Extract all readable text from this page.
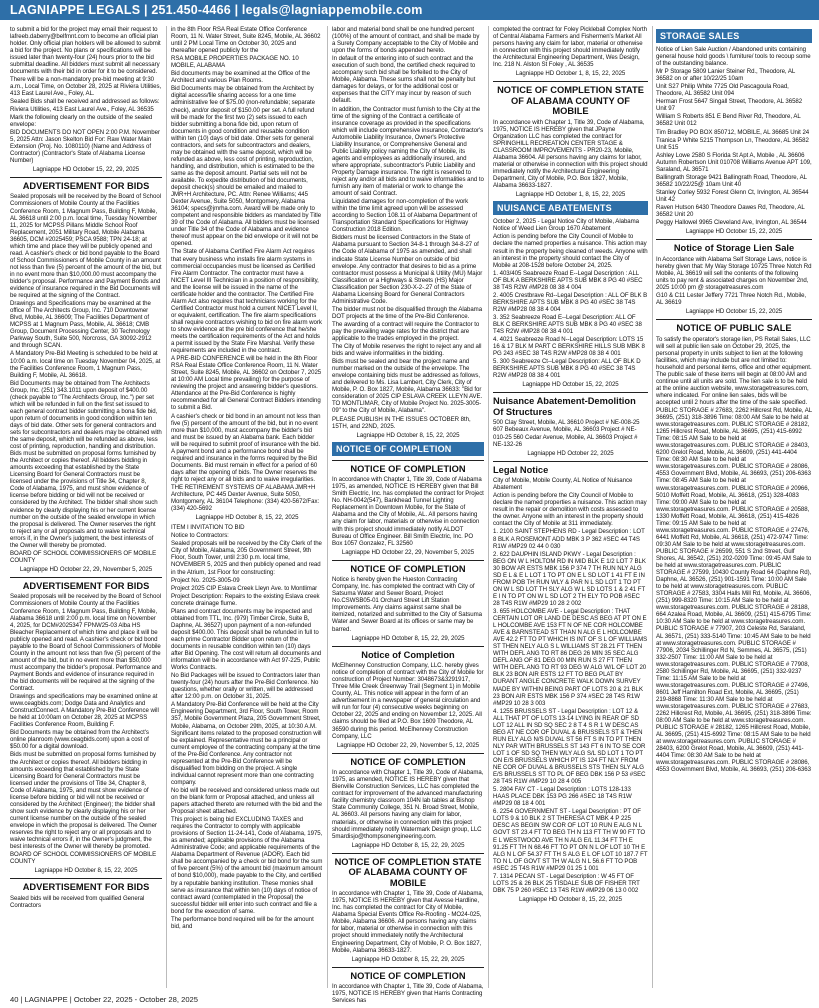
LAGNIAPPE LEGALS | 251.450-4466 | legals@lagniappemobile.com
to submit a bid for the project may email their request to lafreeb.daberry@belfmnt.com to become an official plan holder. Only official plan holders will be allowed to submit a bid for the project. No plans or specifications will be issued later than twenty-four (24) hours prior to the bid submittal deadline. All bidders must submit all necessary documents with their bid in order for it to be considered.
There will be a non-mandatory pre-bid meeting at 9:30 a.m., Local Time, on October 28, 2025 at Riviera Utilities, 413 East Laurel Ave., Foley, AL.
Sealed Bids shall be received and addressed as follows: Riviera Utilities, 413 East Laurel Ave., Foley, AL 36535
Mark the following clearly on the outside of the sealed envelope:
BID DOCUMENTS DO NOT OPEN 2:00 P.M. November 5, 2025 Attn: Jason Skelton Bid For: Raw Water Main Extension (Proj. No. 1080110) (Name and Address of Contractor) (Contractor's State of Alabama License Number)
Lagniappe HD October 15, 22, 29, 2025
ADVERTISEMENT FOR BIDS
Sealed proposals will be received by the Board of School Commissioners of Mobile County at the Facilities Conference Room, 1 Magnum Pass, Building F, Mobile, AL 36618 until 2:00 p.m. local time, Tuesday November 11, 2025 for MCPSS Pillans Middle School Roof Replacement, 2051 Military Road, Mobile Alabama 36605, DCM #2025459; PSCA 9588; TPN 24-18; at which time and place they will be publicly opened and read. A cashier's check or bid bond payable to the Board of School Commissioners of Mobile County in an amount not less than five (5) percent of the amount of the bid, but in no event more than $10,000.00 must accompany the bidder's proposal. Performance and Payment Bonds and evidence of insurance required in the Bid Documents will be required at the signing of the Contract.
Drawings and Specifications may be examined at the office of The Architects Group, Inc. 710 Downtowner Blvd, Mobile, AL 36609; The Facilities Department of MCPSS at 1 Magnum Pass, Mobile, AL 36618; CMB Group, Document Processing Center, 30 Technology Parkway South, Suite 500, Norcross, GA 30092-2912 and through SCAN.
A Mandatory Pre-Bid Meeting is scheduled to be held at 10:00 a.m. local time on Tuesday November 04, 2025, at the Facilities Conference Room, 1 Magnum Pass, Building F, Mobile, AL 36618.
Bid Documents may be obtained from The Architects Group, Inc. (251) 343.1011 upon deposit of $400.00 (check payable to "The Architects Group, Inc.") per set which will be refunded in full on the first set issued to each general contract bidder submitting a bona fide bid, upon return of documents in good condition within ten days of bid date. Other sets for general contractors and sets for subcontractors and dealers may be obtained with the same deposit, which will be refunded as above, less cost of printing, reproduction, handling and distribution. Bids must be submitted on proposal forms furnished by the Architect or copies thereof. All bidders bidding in amounts exceeding that established by the State Licensing Board for General Contractors must be licensed under the provisions of Title 34, Chapter 8, Code of Alabama, 1975, and must show evidence of license before bidding or bid will not be received or considered by the Architect. The bidder shall show such evidence by clearly displaying his or her current license number on the outside of the sealed envelope in which the proposal is delivered. The Owner reserves the right to reject any or all proposals and to waive technical errors if, in the Owner's judgment, the best interests of the Owner will thereby be promoted.
BOARD OF SCHOOL COMMISSIONERS OF MOBILE COUNTY
Lagniappe HD October 22, 29, November 5, 2025
ADVERTISEMENT FOR BIDS
Sealed proposals will be received by the Board of School Commissioners of Mobile County at the Facilities Conference Room, 1 Magnum Pass, Building F, Mobile, Alabama 36618 until 2:00 p.m. local time on November 4, 2025, for DCM#2025347 FPNW25-03 Alba HS Bleacher Replacement of which time and place it will be publicly opened and read. A cashier's check or bid bond payable to the Board of School Commissioners of Mobile County in the amount not less than five (5) percent of the amount of the bid, but in no event more than $50,000 must accompany the bidder's proposal. Performance and Payment Bonds and evidence of insurance required in the bid documents will be required at the signing of the Contract.
Drawings and specifications may be examined online at www.ceagbids.com; Dodge Data and Analytics and ConstructConnect. A Mandatory Pre-Bid Conference will be held at 10:00am on October 28, 2025 at MCPSS Facilities Conference Room, Building F.
Bid Documents may be obtained from the Architect's online planroom (www.ceagbids.com) upon a cost of $50.00 for a digital download.
Bids must be submitted on proposal forms furnished by the Architect or copies thereof. All bidders bidding in amounts exceeding that established by the State Licensing Board for General Contractors must be licensed under the provisions of Title 34, Chapter 8, Code of Alabama, 1975, and must show evidence of license before bidding or bid will not be received or considered by the Architect (Engineer); the bidder shall show such evidence by clearly displaying his or her current license number on the outside of the sealed envelope in which the proposal is delivered. The Owner reserves the right to reject any or all proposals and to waive technical errors if, in the Owner's judgment, the best interests of the Owner will thereby be promoted.
BOARD OF SCHOOL COMMISSIONERS OF MOBILE COUNTY
Lagniappe HD October 8, 15, 22, 2025
ADVERTISEMENT FOR BIDS
Sealed bids will be received from qualified General Contractors
in the 8th Floor RSA Real Estate Office Conference Room, 11 N. Water Street, Suite 8245, Mobile, AL 36602 until 2 PM Local Time on October 30, 2025 and thereafter opened publicly for the
RSA MOBILE PROPERTIES PACKAGE NO. 10 MOBILE, ALABAMA
Bid documents may be examined at the Office of the Architect and various Plan Rooms.
Bid Documents may be obtained from the Architect by digital access/file sharing access for a one time administrative fee of $75.00 (non-refundable; separate check), and/or deposit of $150.00 per set. A full refund will be made for the first two (2) sets issued to each bidder submitting a bona fide bid, upon return of documents in good condition and reusable condition within ten (10) days of bid date. Other sets for general contractors, and sets for subcontractors and dealers, may be obtained with the same deposit, which will be refunded as above, less cost of printing, reproduction, handling, and distribution, which is estimated to be the same as the deposit amount. Partial sets will not be available. To expedite distribution of bid documents, deposit check(s) should be emailed and mailed to JMR+H Architecture, PC. Attn: Renee Williams; 445 Dexter Avenue, Suite 5050, Montgomery, Alabama 36104; specs@jmrha.com. Award will be made only to competent and responsible bidders as mandated by Title 39 of the Code of Alabama. All bidders must be licensed under Title 34 of the Code of Alabama and evidence thereof must appear on the bid envelope or it will not be opened.
The State of Alabama Certified Fire Alarm Act requires that every business who installs fire alarm systems in commercial occupancies must be licensed as Certified Fire Alarm Contractor. The contractor must have a NICET Level III Technician in a position of responsibility, and the license will be issued in the name of the certificate holder and the contractor. The Certified Fire Alarm Act also requires that technicians working for the Certified Contractor must hold a current NICET Level II, or equivalent, certification. The fire alarm specifications shall require contractors wishing to bid on fire alarm work to show evidence at the pre bid conference that he/she meets the certification requirements of the Act and holds a permit issued by the State Fire Marshal. Verify these requirements are included in the contract.
A PRE-BID CONFERENCE will be held in the 8th Floor RSA Real Estate Office Conference Room, 11 N. Water Street, Suite 8245, Mobile, AL 36602 on October 7, 2025 at 10:00 AM Local time prevailing) for the purpose of reviewing the project and answering bidder's questions. Attendance at the Pre-Bid Conference is highly recommended for all General Contract Bidders intending to submit a Bid.
A cashier's check or bid bond in an amount not less than five (5) percent of the amount of the bid, but in no event more than $10,000, must accompany the bidder's bid and must be issued by an Alabama bank. Each bidder will be required to submit proof of insurance with the bid. A payment bond and a performance bond shall be required and insurance in the forms required by the Bid Documents. Bid must remain in effect for a period of 60 days after the opening of bids. The Owner reserves the right to reject any or all bids and to waive irregularities.
THE RETIREMENT SYSTEMS OF ALABAMA JMR+H Architecture, PC 445 Dexter Avenue, Suite 5050, Montgomery, AL 36104 Telephone: (334) 420-5672/Fax: (334) 420-5692
Lagniappe HD October 8, 15, 22, 2025
ITEM I INVITATION TO BID
Notice to Contractors:
Sealed proposals will be received by the City Clerk of the City of Mobile, Alabama, 205 Government Street, 9th Floor, South Tower, until 2:30 p.m. local time, NOVEMBER 5, 2025 and then publicly opened and read in the Atrium, 1st Floor for constructing:
Project No. 2025-3005-09
Project 2025 CIP Eslava Creek Lleyn Ave. to Montlimar
Project Description: Repairs to the existing Eslava creek concrete drainage flume.
Plans and contract documents may be inspected and obtained from TTL, Inc. (979) Timber Circle, Suite B, Daphne, AL 36527) upon payment of a non-refunded deposit $400.00. This deposit shall be refunded in full to each prime Contractor Bidder upon return of the documents in reusable condition within ten (10) days after Bid Opening. The cost will return all documents and information will be in accordance with Act 97-225, Public Works Contracts.
No Bid Packages will be issued to Contractors later than twenty-four (24) hours after the Pre-Bid Conference. No questions, whether orally or written, will be addressed after 12:00 p.m. on October 31, 2025.
A Mandatory Pre-Bid Conference will be held at the City Engineering Department, 3rd Floor, South Tower, Room 357, Mobile Government Plaza, 205 Government Street, Mobile, Alabama, on October 29th, 2025, at 10:30 A.M. Significant items related to the proposed construction will be explained. Representative must be a principal or current employee of the contracting company at the time of the Pre-Bid Conference. Any contractor not represented at the Pre-Bid Conference will be disqualified from bidding on the project. A single individual cannot represent more than one contracting company.
No bid will be received and considered unless made out on the blank form or Proposal attached, and unless all papers attached thereto are returned with the bid and the Proposal sheet attached.
This project is being bid EXCLUDING TAXES and requires the Contractor to comply with applicable provisions of Section 11-24-141, Code of Alabama, 1975, as amended; applicable provisions of the Alabama Administrative Code; and applicable requirements of the Alabama Department of Revenue (ADOR). Each bid shall be accompanied by a check or bid bond for the sum of five percent (5%) of the amount bid (maximum amount of bond $10,000), made payable to the City, and certified by a reputable banking institution. These monies shall serve as insurance that within ten (10) days of notice of contract award (contemplated in the Proposal) the successful bidder will enter into such contract and file a bond for the execution of same.
The performance bond required will be for the amount bid, and
labor and material bond shall be one hundred percent (100%) of the amount of contract, and shall be made by a Surety Company acceptable to the City of Mobile and upon the forms of bonds appended hereto.
In default of the entering into of such contract and the execution of such bond, the certified check required to accompany such bid shall be forfeited to the City of Mobile, Alabama. These sums shall not be penalty but damages for delays, or for the additional cost or expenses that the CITY may incur by reason of such default.
In addition, the Contractor must furnish to the City at the time of the signing of the Contract a certificate of insurance coverage as provided in the specifications which will include comprehensive insurance, Contractor's Automobile Liability Insurance, Owner's Protective Liability Insurance, or Comprehensive General and Public Liability policy naming the City of Mobile, its agents and employees as additionally insured, and where appropriate, subcontractor's Public Liability and Property Damage insurance. The right is reserved to reject any and/or all bids and to waive informalities and to furnish any item of material or work to change the amount of said Contract.
Liquidated damages for non-completion of the work within the time limit agreed upon will be assessed according to Section 108.11 of Alabama Department of Transportation Standard Specifications for Highway Construction 2018 Edition.
Bidders must be licensed Contractors in the State of Alabama pursuant to Section 34-8-1 through 34-8-27 of the Code of Alabama of 1975 as amended, and shall indicate State License Number on outside of bid envelope. Any contractor that desires to bid as a prime contractor must possess a Municipal & Utility (MU) Major Classification or a Highways & Streets (HS) Major Classification per Section 230-X-2-.27 of the State of Alabama Licensing Board for General Contractors Administrative Code.
The bidder must not be disqualified through the Alabama DOT projects at the time of the Pre-Bid Conference.
The awarding of a contract will require the Contractor to pay the prevailing wage rates for the district that are applicable to the trades employed in the project.
The City of Mobile reserves the right to reject any and all bids and waive informalities in the bidding.
Bids must be sealed and bear the project name and number marked on the outside of the envelope. The envelope containing bids must be addressed as follows, and delivered to Ms. Lisa Lambert, City Clerk, City of Mobile, P. O. Box 1827, Mobile, Alabama 36633: "Bid for consideration of 2025 CIP ESLAVA CREEK LLEYN AVE. TO MONTLIMAR, City of Mobile Project No. 2025-3005-09" to the City of Mobile, Alabama".
PLEASE PUBLISH IN THE ISSUES OCTOBER 8th, 15TH, and 22ND, 2025.
Lagniappe HD October 8, 15, 22, 2025
NOTICE OF COMPLETION
NOTICE OF COMPLETION
In accordance with Chapter 1, Title 39, Code of Alabama 1975, as amended, NOTICE IS HEREBY given that Bill Smith Electric, Inc. has completed the contract for Project No. NH-0042(547), Bankhead Tunnel Lighting Replacement in Downtown Mobile, for the State of Alabama and the City of Mobile, AL. All persons having any claim for labor, materials or otherwise in connection with this project should immediately notify ALDOT Bureau of Office Engineer. Bill Smith Electric, Inc. PO Box 1057 Gonzalez, FL 32560
Lagniappe HD October 22, 29, November 5, 2025
NOTICE OF COMPLETION
Notice is hereby given the Hueston Contracting Company, Inc. has completed the contract with City of Satsuma Water and Sewer Board, Project No.CSWSB05-01 Orchard Street Lift Station Improvements. Any claims against same shall be itemized, notarized and submitted to the City of Satsuma Water and Sewer Board at its offices or same may be barred.
Lagniappe HD October 8, 15, 22, 29, 2025
Notice of Completion
McElhenney Construction Company, LLC. hereby gives notice of completion of contract with the City of Mobile for construction of Project Number: 3048673&3291917, Three Mile Creek Greenway Trail (Segment 1) in Mobile County, AL. This notice will appear in the form of an advertisement in a newspaper of general circulation and will run for four (4) consecutive weeks beginning on October 22, 2025 and ending on November 12, 2025. All claims should be filed at P.O. Box 1609 Theodore, AL 36590 during this period. McElhenney Construction Company, LLC
Lagniappe HD October 22, 29, November 5, 12, 2025
NOTICE OF COMPLETION
In accordance with Chapter 1, Title 39, Code of Alabama, 1975, as amended, NOTICE IS HEREBY given that Bienville Construction Services, LLC has completed the contract for improvement of the advanced manufacturing facility chemistry classroom 104N lab tables at Bishop State Community College, 351 N. Broad Street, Mobile, AL 36603. All persons having any claim for labor, materials, or otherwise in connection with this project should immediately notify Watermark Design group, LLC 5mardisjo@thompsonengineering.com.
Lagniappe HD October 8, 15, 22, 29, 2025
NOTICE OF COMPLETION STATE OF ALABAMA COUNTY OF MOBILE
In accordance with Chapter 1, Title 39, Code of Alabama, 1975, NOTICE IS HEREBY given that Avesse Hardline, Inc. has completed the contract for City of Mobile, Alabama Special Events Office Re-Roofing - MO24-025, Mobile, Alabama 36606. All persons having any claims for labor, material or otherwise in connection with this project should immediately notify the Architectural Engineering Department, City of Mobile, P. O. Box 1827, Mobile, Alabama 36633-1827.
Lagniappe HD October 8, 15, 22, 29, 2025
NOTICE OF COMPLETION
In accordance with Chapter 1, Title 39, Code of Alabama, 1975, NOTICE IS HEREBY given that Harris Contracting Services has
completed the contract for Foley Pickleball Complex North of Central Alabama Farmers and Fishermen's Market All persons having any claim for labor, material or otherwise in connection with this project should immediately notify the Architectural Engineering Department, Wes Design, Inc. 218 N. Alston St Foley , AL 36535
Lagniappe HD October 1, 8, 15, 22, 2025
NOTICE OF COMPLETION STATE OF ALABAMA COUNTY OF MOBILE
In accordance with Chapter 1, Title 39, Code of Alabama, 1975, NOTICE IS HEREBY given that JPayne Organization LLC has completed the contract for SPRINGHILL RECREATION CENTER STAGE & CLASSROOM IMPROVEMENTS - PR20-23, Mobile, Alabama 36604. All persons having any claims for labor, material or otherwise in connection with this project should immediately notify the Architectural Engineering Department, City of Mobile, P.O. Box 1827, Mobile, Alabama 36633-1827.
Lagniappe HD October 1, 8, 15, 22, 2025
NUISANCE ABATEMENTS
October 2, 2025 - Legal Notice City of Mobile, Alabama Notice of Weed Lien Group 1670 Abatement
Action is pending before the City Council of Mobile to declare the named properties a nuisance. This action may result in the property being cleaned of weeds. Anyone with an interest in the property should contact the City of Mobile at 208-1528 before October 24, 2025.
1. 403/405 Seabreeze Road E--Legal Description : ALL OF BLK A BERKSHIRE APTS SUB MBK 8 PG 40 #SEC 38 T4S R2W #MP28 08 38 4 004
2. 4005 Crestbrave Rd--Legal Description : ALL OF BLK B BERKSHIRE APTS SUB MBK 8 PG 40 #SEC 38 T4S R2W #MP28 08 38 4 004
3. 352 Seabreeze Road E--Legal Description: ALL OF BLK C BERKSHIRE APTS SUB MBK 8 PG 40 #SEC 38 T4S R2W #MP28 08 38 4 001
4. 4021 Seabreeze Road N--Legal Description: LOTS 15 16 & 17 BLK M PART C BERKSHIRE HILLS SUB MBK 8 PG 243 #SEC 38 T4S R2W #MP28 08 38 4 001
5. 300 Seabreeze Ct--Legal Description: ALL OF BLK D BERKSHIRE APTS SUB MBK 8 PG 40 #SEC 38 T4S R2W #MP28 08 38 4 001
Lagniappe HD October 15, 22, 2025
Nuisance Abatement-Demolition Of Structures
500 Clay Street, Mobile, AL 36610 Project # NE-008-25 607 Bebeaux Avenue, Mobile, AL 36603 Project # NE-010-25 560 Cedar Avenue, Mobile, AL 36603 Project # NE-132-26
Lagniappe HD October 22, 2025
Legal Notice
City of Mobile, Mobile County, AL Notice of Nuisance Abatement
Action is pending before the City Council of Mobile to declare the named properties a nuisance. This action may result in the repair or demolition with costs assessed to the owner. Anyone with an interest in the property should contact the City of Mobile at 311 immediately.
1. 2100 SAINT STEPHENS RD - Legal Description : LOT 8 BLK A ROSEMONT ADD MBK 3 P 362 #SEC 44 T4S R1W #MP29 02 44 0 030
2. 622 DAUPHIN ISLAND PKWY - Legal Description : BEG ON W L HOLTOM RD IN MID BLK E 1/2 LOT 7 BLK 30 BOW AR ESTS MBK 156 P 374 7 TH RUN NLY ALG SD E L & E L LOT 1 TO PT ON E L SD LOT 1 41 FT E IN FROM POB TH RUN WLY & PAR N L SD LOT 1 TO PT ON W L SD LOT TH SLY ALG W L SD LOTS 1 & 2 41 FT E I N TO PT ON W L SD LOT 2 TH ELY TO POB #SEC 28 T4S R1W #MP29 10 28 2 002
3. 655 HOLCOMBE AVE - Legal Description : THAT CERTAIN LOT OR LAND DE DESC AS BEG AT PT ON E L HOLCOMBE AVE 153 FT N OF NE COR HOLCOMBE AVE & BARNSTEAD ST THAN N ALG E L HOLCOMBE AVE 42.2 FT TO PT WHICH IS INT OF S L OF WILLIAMS ST THEN NELY ALG S L WILLIAMS ST 28.21 FT THEN WITH DEFL ANG TO RT 86 DEG 26 MIN 35 SEC ALG DEFL ANG OF 81 DEG 00 MIN RUN S 27 FT THEN WITH DEFL ANG TO RT 93 DEG W ALG W/L OF LOT 20 BLK 23 BON AIR ESTS 12 FT TO BEG PLAT BY DURANT ANGLE CONCRETE WALK DOWN SURVEY MADE BY WITHIN BEING PART OF LOTS 20 & 21 BLK 23 BON AIR ESTS MBK 156 P 374 #SEC 28 T4S R1W #MP29 10 28 3 003
4. 1255 BRUSSELS ST - Legal Description : LOT 12 & ALL THAT PT OF LOTS 13-14 LYING IN REAR OF SD LOT 12 ALL IN SD SQ SEC 2 8 T 4 S R 1 W DESC AS BEG AT NE COR OF DUVAL & BRUSSELS ST & THEN RUN ELY ALG N/S DUVAL ST 56 FT S IN TO PT THEN NLY PAR WITH BRUSSELS ST 143 FT 6 IN TO SE COR LOT 1 OF SD SQ THEN WLY ALG S/L SD LOT 1 TO PT ON E/S BRUSSELS WHICH PT IS 124 FT NLY FROM NE COR OF DUVAL & BRUSSELS STS THEN SLY ALG E/S BRUSSELS ST TO PL OF BEG DBK 156 P 53 #SEC 28 T4S R1W #MP29 10 28 4 005
5. 2804 FAY CT - Legal Description : LOTS 128-133 HAAS PLACE DBK 153 PG 266 #SEC 18 T4S R1W #MP29 08 18 4 001
6. 2254 GOVERNMENT ST - Legal Description : PT OF LOTS 9 & 10 BLK 2 ST THERESA CT MBK 4 P 225 DESC AS BEGIN SW COR OF LOT 10 RUN E ALG N L GOVT ST 23.4 FT TO BEG TH N 113 FT TH W 90 FT TO E L WESTWOOD AVE TH N ALG E/L 11.34 FT TH E 91.25 FT TH N 68.46 FT TO PT ON N L OF LOT 10 TH E ALG N L OF 54.37 FT TH S ALG E L OF LOT 10 187.7 FT TO N L OF GOVT ST TH W ALG N L 56.6 FT TO POB #SEC 25 T4S R1W #MP29 01 25 1 001
7. 1314 PECAN ST - Legal Description : W 45 FT OF LOTS 25 & 26 BLK 25 TISDALE SUB OF FISHER TRT DBK 75 P 260 #SEC 13 T4S R1W #MP29 06 13 0 002
Lagniappe HD October 8, 15, 22, 2025
STORAGE SALES
Notice of Lien Sale Auction / Abandoned units containing general house hold goods \ furniture/ tools to recoup some of the outstanding balance.
Mr P Storage 5809 Lanier Steiner Rd., Theodore, AL 36582 on or after 10/22/25 10am
Unit S27 Philip White 7725 Old Pascagoula Road, Theodore, AL 36582 Unit 094
Herman Frost 5647 Singall Street, Theodore, AL 36582 Unit 97
William S Roberts 851 E Bend River Rd, Theodore, AL 36582 Unit 012
Tim Bradley PO BOX 850712, MOBILE, AL 36685 Unit 24
Tranica P White 5215 Thompson Ln, Theodore, AL 36582 Unit 515
Ashley Lowe 2580 S Florida St Apt A, Mobile , AL 36606 Autumn Robertson Unit 010708 Williams Avenue APT 109, Saraland, AL 36571
Ballingrath Storage 9421 Ballingrath Road, Theodore, AL 36582 10/22/25@ 10am Unit 40
Stanley Corley 5932 Forest Glenn Ct, Irvington, AL 36544 Unit 42
Raven Hutson 6430 Theodore Dawes Rd, Theodore, AL 36582 Unit 20
Peggy Hallowel 9965 Cleveland Ave, Irvington, AL 36544
Lagniappe HD October 15, 22, 2025
Notice of Storage Lien Sale
In Accordance with Alabama Self Storage Laws, notice is hereby given that: My Way Storage 10725 Three Notch Rd Mobile, AL 36619 will sell the contents of the following units to pay rent & associated charges on November 2nd, 2025 10:00 pm @ storagetreasures.com
G10 & C11 Lester Jeffery 7721 Three Notch Rd., Mobile, AL 36619
Lagniappe HD October 15, 22, 2025
NOTICE OF PUBLIC SALE
To satisfy the operator's storage lien, PS Retail Sales, LLC will sell at public lien sale on October 29, 2025, the personal property in units subject to lien at the following facilities, which may include but are not limited to: household and personal items, office and other equipment. The public sale of these items will begin at 08:00 AM and continue until all units are sold. The lien sale is to be held at the online auction website, www.storagetreasures.com, where indicated. For online lien sales, bids will be accepted until 2 hours after the time of the sale specified.
PUBLIC STORAGE # 27683, 2262 Hillcrest Rd, Mobile, AL 36695, (251) 318-3896 Time: 08:00 AM Sale to be held at www.storagetreasures.com. PUBLIC STORAGE # 28182, 1265 Hillcrest Road, Mobile, AL 36695, (251) 415-6992 Time: 08:15 AM Sale to be held at www.storagetreasures.com. PUBLIC STORAGE # 28403, 6200 Grelot Road, Mobile, AL 36609, (251) 441-4404 Time: 08:30 AM Sale to be held at www.storagetreasures.com. PUBLIC STORAGE # 28086, 4553 Government Blvd, Mobile, AL 36693, (251) 206-6363 Time: 08:45 AM Sale to be held at www.storagetreasures.com. PUBLIC STORAGE # 20966, 5010 Moffett Road, Mobile, AL 36618, (251) 328-4083 Time: 09:00 AM Sale to be held at www.storagetreasures.com. PUBLIC STORAGE # 20588, 1330 Moffett Road, Mobile, AL 36618, (251) 415-4826 Time: 09:15 AM Sale to be held at www.storagetreasures.com. PUBLIC STORAGE # 27476, 6441 Moffett Rd, Mobile, AL 36618, (251) 472-9747 Time: 09:30 AM Sale to be held at www.storagetreasures.com. PUBLIC STORAGE # 26599, 551 S 2nd Street, Gulf Shores, AL 36542, (251) 202-0209 Time: 09:45 AM Sale to be held at www.storagetreasures.com. PUBLIC STORAGE # 27599, 10430 County Road 64 (Daphne Rd), Daphne, AL 36526, (251) 901-1591 Time: 10:00 AM Sale to be held at www.storagetreasures.com. PUBLIC STORAGE # 27583, 3304 Halls Mill Rd, Mobile, AL 36606, (251) 999-8320 Time: 10:15 AM Sale to be held at www.storagetreasures.com. PUBLIC STORAGE # 28188, 664 Azalea Road, Mobile, AL 36609, (251) 415-6795 Time: 10:30 AM Sale to be held at www.storagetreasures.com. PUBLIC STORAGE # 77907, 203 Celeste Rd, Saraland, AL 36571, (251) 333-5140 Time: 10:45 AM Sale to be held at www.storagetreasures.com. PUBLIC STORAGE # 77906, 2034 Schillinger Rd N, Semmes, AL 36575, (251) 332-2507 Time: 11:00 AM Sale to be held at www.storagetreasures.com. PUBLIC STORAGE # 77908, 2580 Schillinger Rd, Mobile, AL 36695, (251) 332-9237 Time: 11:15 AM Sale to be held at www.storagetreasures.com. PUBLIC STORAGE # 27496, 8601 Jeff Hamilton Road Ext, Mobile, AL 36695, (251) 219-8868 Time: 11:30 AM Sale to be held at www.storagetreasures.com. PUBLIC STORAGE # 27683, 2262 Hillcrest Rd, Mobile, AL 36695, (251) 318-3896 Time: 08:00 AM Sale to be held at www.storagetreasures.com. PUBLIC STORAGE # 28182, 1265 Hillcrest Road, Mobile, AL 36695, (251) 415-6992 Time: 08:15 AM Sale to be held at www.storagetreasures.com. PUBLIC STORAGE # 28403, 6200 Grelot Road, Mobile, AL 36609, (251) 441-4404 Time: 08:30 AM Sale to be held at www.storagetreasures.com. PUBLIC STORAGE # 28086, 4553 Government Blvd, Mobile, AL 36693, (251) 206-6363
40 | LAGNIAPPE | October 22, 2025 - October 28, 2025
